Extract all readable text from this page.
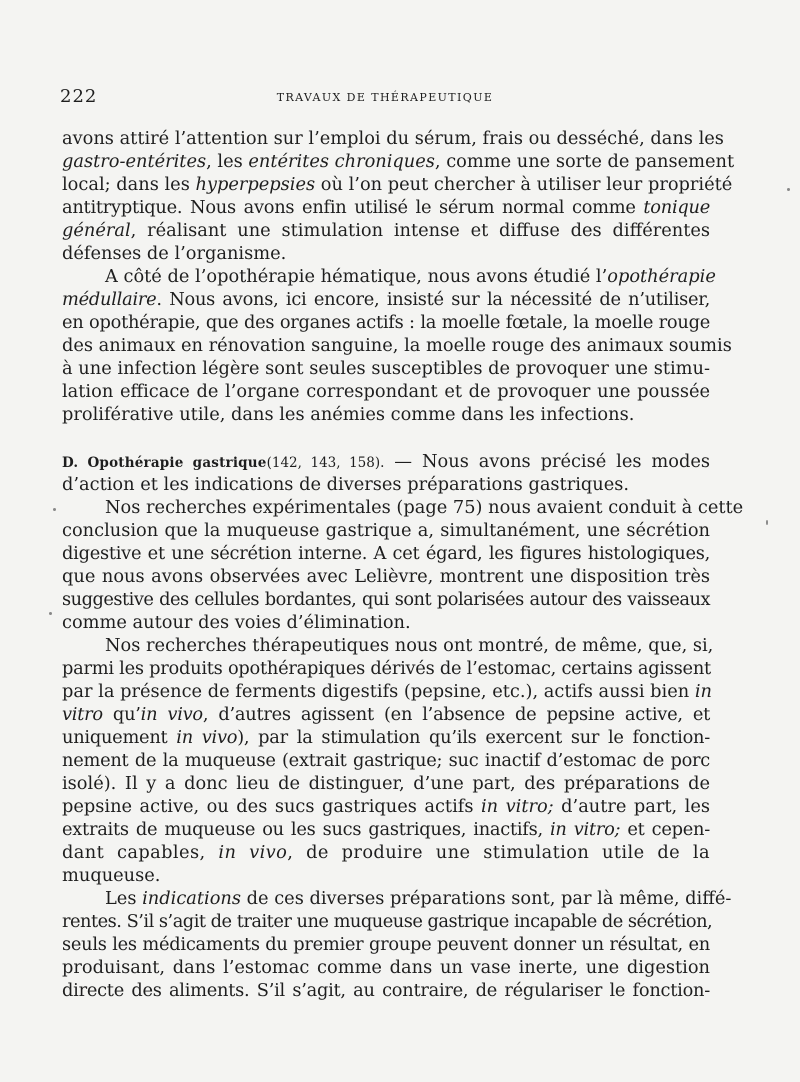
222	TRAVAUX DE THÉRAPEUTIQUE
avons attiré l’attention sur l’emploi du sérum, frais ou desséché, dans les
gastro-entérites, les entérites chroniques, comme une sorte de pansement
local; dans les hyperpepsies où l’on peut chercher à utiliser leur propriété
antitryptique. Nous avons enfin utilisé le sérum normal comme tonique
général, réalisant une stimulation intense et diffuse des différentes
défenses de l’organisme.
A côté de l’opothérapie hématique, nous avons étudié l’opothérapie
médullaire. Nous avons, ici encore, insisté sur la nécessité de n’utiliser,
en opothérapie, que des organes actifs : la moelle fœtale, la moelle rouge
des animaux en rénovation sanguine, la moelle rouge des animaux soumis
à une infection légère sont seules susceptibles de provoquer une stimu-
lation efficace de l’organe correspondant et de provoquer une poussée
proliférative utile, dans les anémies comme dans les infections.
D. Opothérapie gastrique(142, 143, 158). — Nous avons précisé les modes
d’action et les indications de diverses préparations gastriques.
Nos recherches expérimentales (page 75) nous avaient conduit à cette
conclusion que la muqueuse gastrique a, simultanément, une sécrétion
digestive et une sécrétion interne. A cet égard, les figures histologiques,
que nous avons observées avec Lelièvre, montrent une disposition très
suggestive des cellules bordantes, qui sont polarisées autour des vaisseaux
comme autour des voies d’élimination.
Nos recherches thérapeutiques nous ont montré, de même, que, si,
parmi les produits opothérapiques dérivés de l’estomac, certains agissent
par la présence de ferments digestifs (pepsine, etc.), actifs aussi bien in
vitro qu’in vivo, d’autres agissent (en l’absence de pepsine active, et
uniquement in vivo), par la stimulation qu’ils exercent sur le fonction-
nement de la muqueuse (extrait gastrique; suc inactif d’estomac de porc
isolé). Il y a donc lieu de distinguer, d’une part, des préparations de
pepsine active, ou des sucs gastriques actifs in vitro; d’autre part, les
extraits de muqueuse ou les sucs gastriques, inactifs, in vitro; et cepen-
dant capables, in vivo, de produire une stimulation utile de la
muqueuse.
Les indications de ces diverses préparations sont, par là même, diffé-
rentes. S’il s’agit de traiter une muqueuse gastrique incapable de sécrétion,
seuls les médicaments du premier groupe peuvent donner un résultat, en
produisant, dans l’estomac comme dans un vase inerte, une digestion
directe des aliments. S’il s’agit, au contraire, de régulariser le fonction-
